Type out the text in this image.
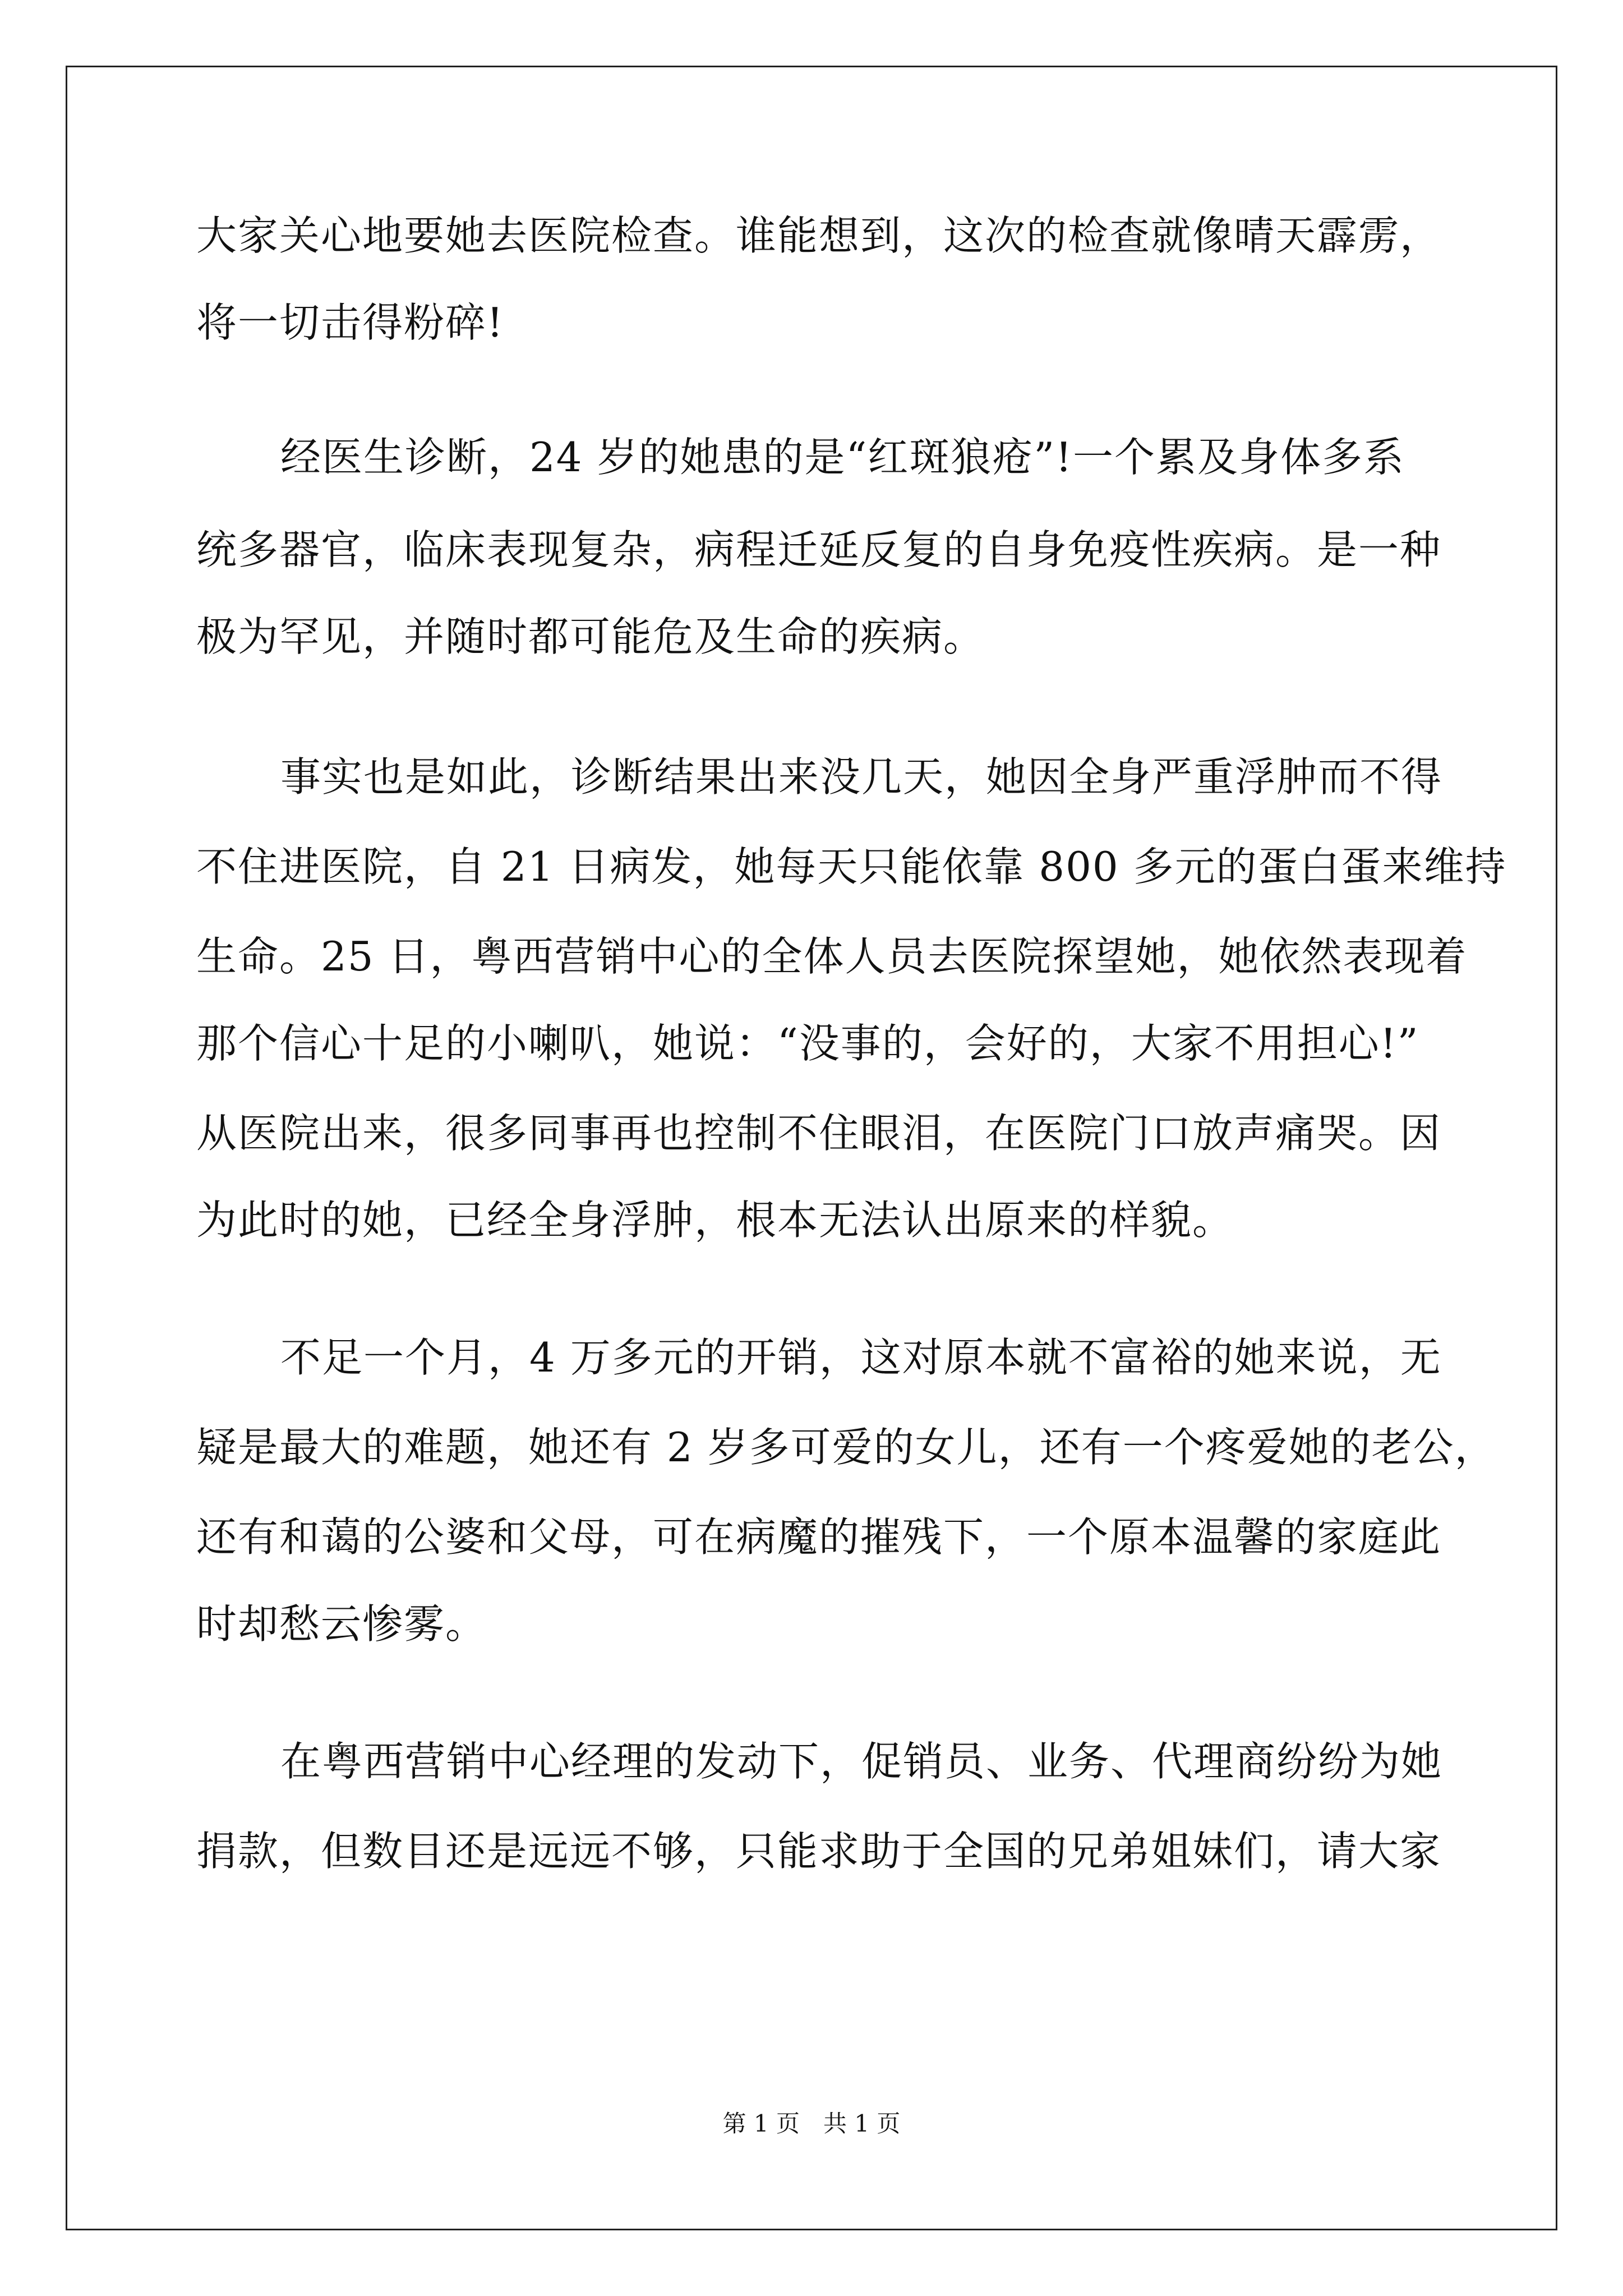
大家关心地要她去医院检查。谁能想到，这次的检查就像晴天霹雳，
将一切击得粉碎!
经医生诊断，24 岁的她患的是“红斑狼疮”!一个累及身体多系
统多器官，临床表现复杂，病程迁延反复的自身免疫性疾病。是一种
极为罕见，并随时都可能危及生命的疾病。
事实也是如此，诊断结果出来没几天，她因全身严重浮肿而不得
不住进医院，自 21 日病发，她每天只能依靠 800 多元的蛋白蛋来维持
生命。25 日，粤西营销中心的全体人员去医院探望她，她依然表现着
那个信心十足的小喇叭，她说：“没事的，会好的，大家不用担心!”
从医院出来，很多同事再也控制不住眼泪，在医院门口放声痛哭。因
为此时的她，已经全身浮肿，根本无法认出原来的样貌。
不足一个月，4 万多元的开销，这对原本就不富裕的她来说，无
疑是最大的难题，她还有 2 岁多可爱的女儿，还有一个疼爱她的老公，
还有和蔼的公婆和父母，可在病魔的摧残下，一个原本温馨的家庭此
时却愁云惨雾。
在粤西营销中心经理的发动下，促销员、业务、代理商纷纷为她
捐款，但数目还是远远不够，只能求助于全国的兄弟姐妹们，请大家
第 1 页　共 1 页
